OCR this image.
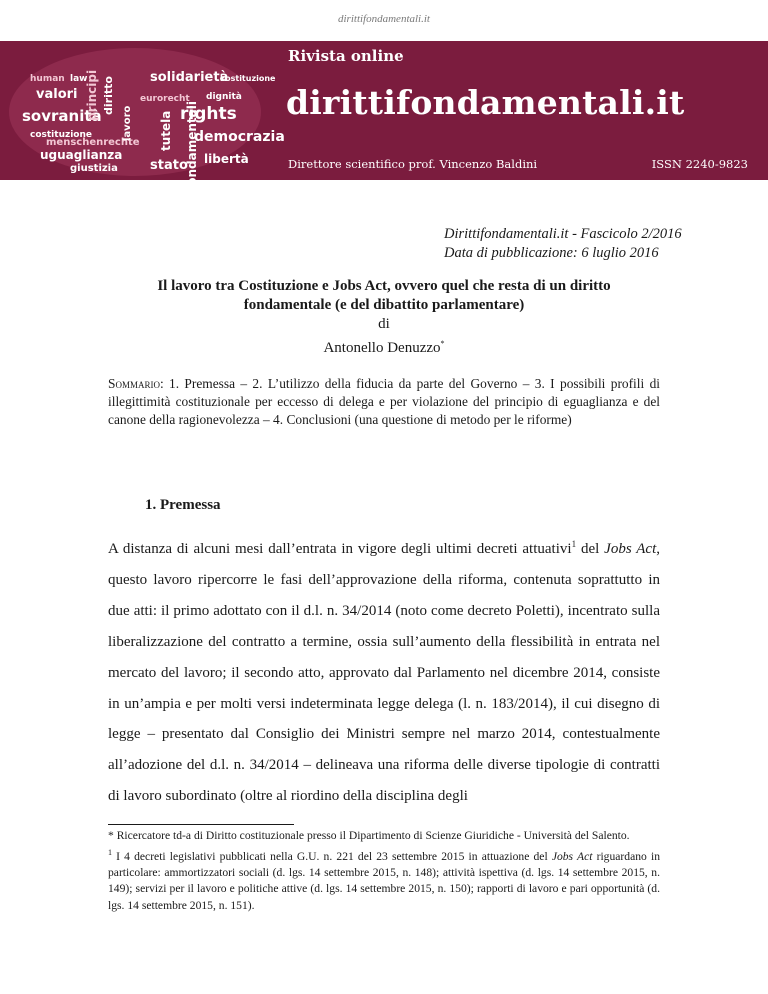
dirittifondamentali.it
valori
sovranità
principi diritto	solidarietà
democrazia
rights
tutela fondamentali
uguaglianza
stato libertà
menschenrechte
giustizia
costituzione
eurorecht dignità
human law
lavoro
kostituzione
Rivista online
dirittifondamentali.it
Direttore scientifico prof. Vincenzo Baldini	ISSN 2240-9823
Dirittifondamentali.it - Fascicolo 2/2016
Data di pubblicazione: 6 luglio 2016
Il lavoro tra Costituzione e Jobs Act, ovvero quel che resta di un diritto
fondamentale (e del dibattito parlamentare)
di
Antonello Denuzzo*
Sommario: 1. Premessa – 2. L’utilizzo della fiducia da parte del Governo – 3. I possibili profili di illegittimità costituzionale per eccesso di delega e per violazione del principio di eguaglianza e del canone della ragionevolezza – 4. Conclusioni (una questione di metodo per le riforme)
1. Premessa
A distanza di alcuni mesi dall’entrata in vigore degli ultimi decreti attuativi$^1$ del Jobs Act, questo lavoro ripercorre le fasi dell’approvazione della riforma, contenuta soprattutto in due atti: il primo adottato con il d.l. n. 34/2014 (noto come decreto Poletti), incentrato sulla liberalizzazione del contratto a termine, ossia sull’aumento della flessibilità in entrata nel mercato del lavoro; il secondo atto, approvato dal Parlamento nel dicembre 2014, consiste in un’ampia e per molti versi indeterminata legge delega (l. n. 183/2014), il cui disegno di legge – presentato dal Consiglio dei Ministri sempre nel marzo 2014, contestualmente all’adozione del d.l. n. 34/2014 – delineava una riforma delle diverse tipologie di contratti di lavoro subordinato (oltre al riordino della disciplina degli

* Ricercatore td-a di Diritto costituzionale presso il Dipartimento di Scienze Giuridiche - Università del Salento.

$^1$ I 4 decreti legislativi pubblicati nella G.U. n. 221 del 23 settembre 2015 in attuazione del Jobs Act riguardano in particolare: ammortizzatori sociali (d. lgs. 14 settembre 2015, n. 148); attività ispettiva (d. lgs. 14 settembre 2015, n. 149); servizi per il lavoro e politiche attive (d. lgs. 14 settembre 2015, n. 150); rapporti di lavoro e pari opportunità (d. lgs. 14 settembre 2015, n. 151).
